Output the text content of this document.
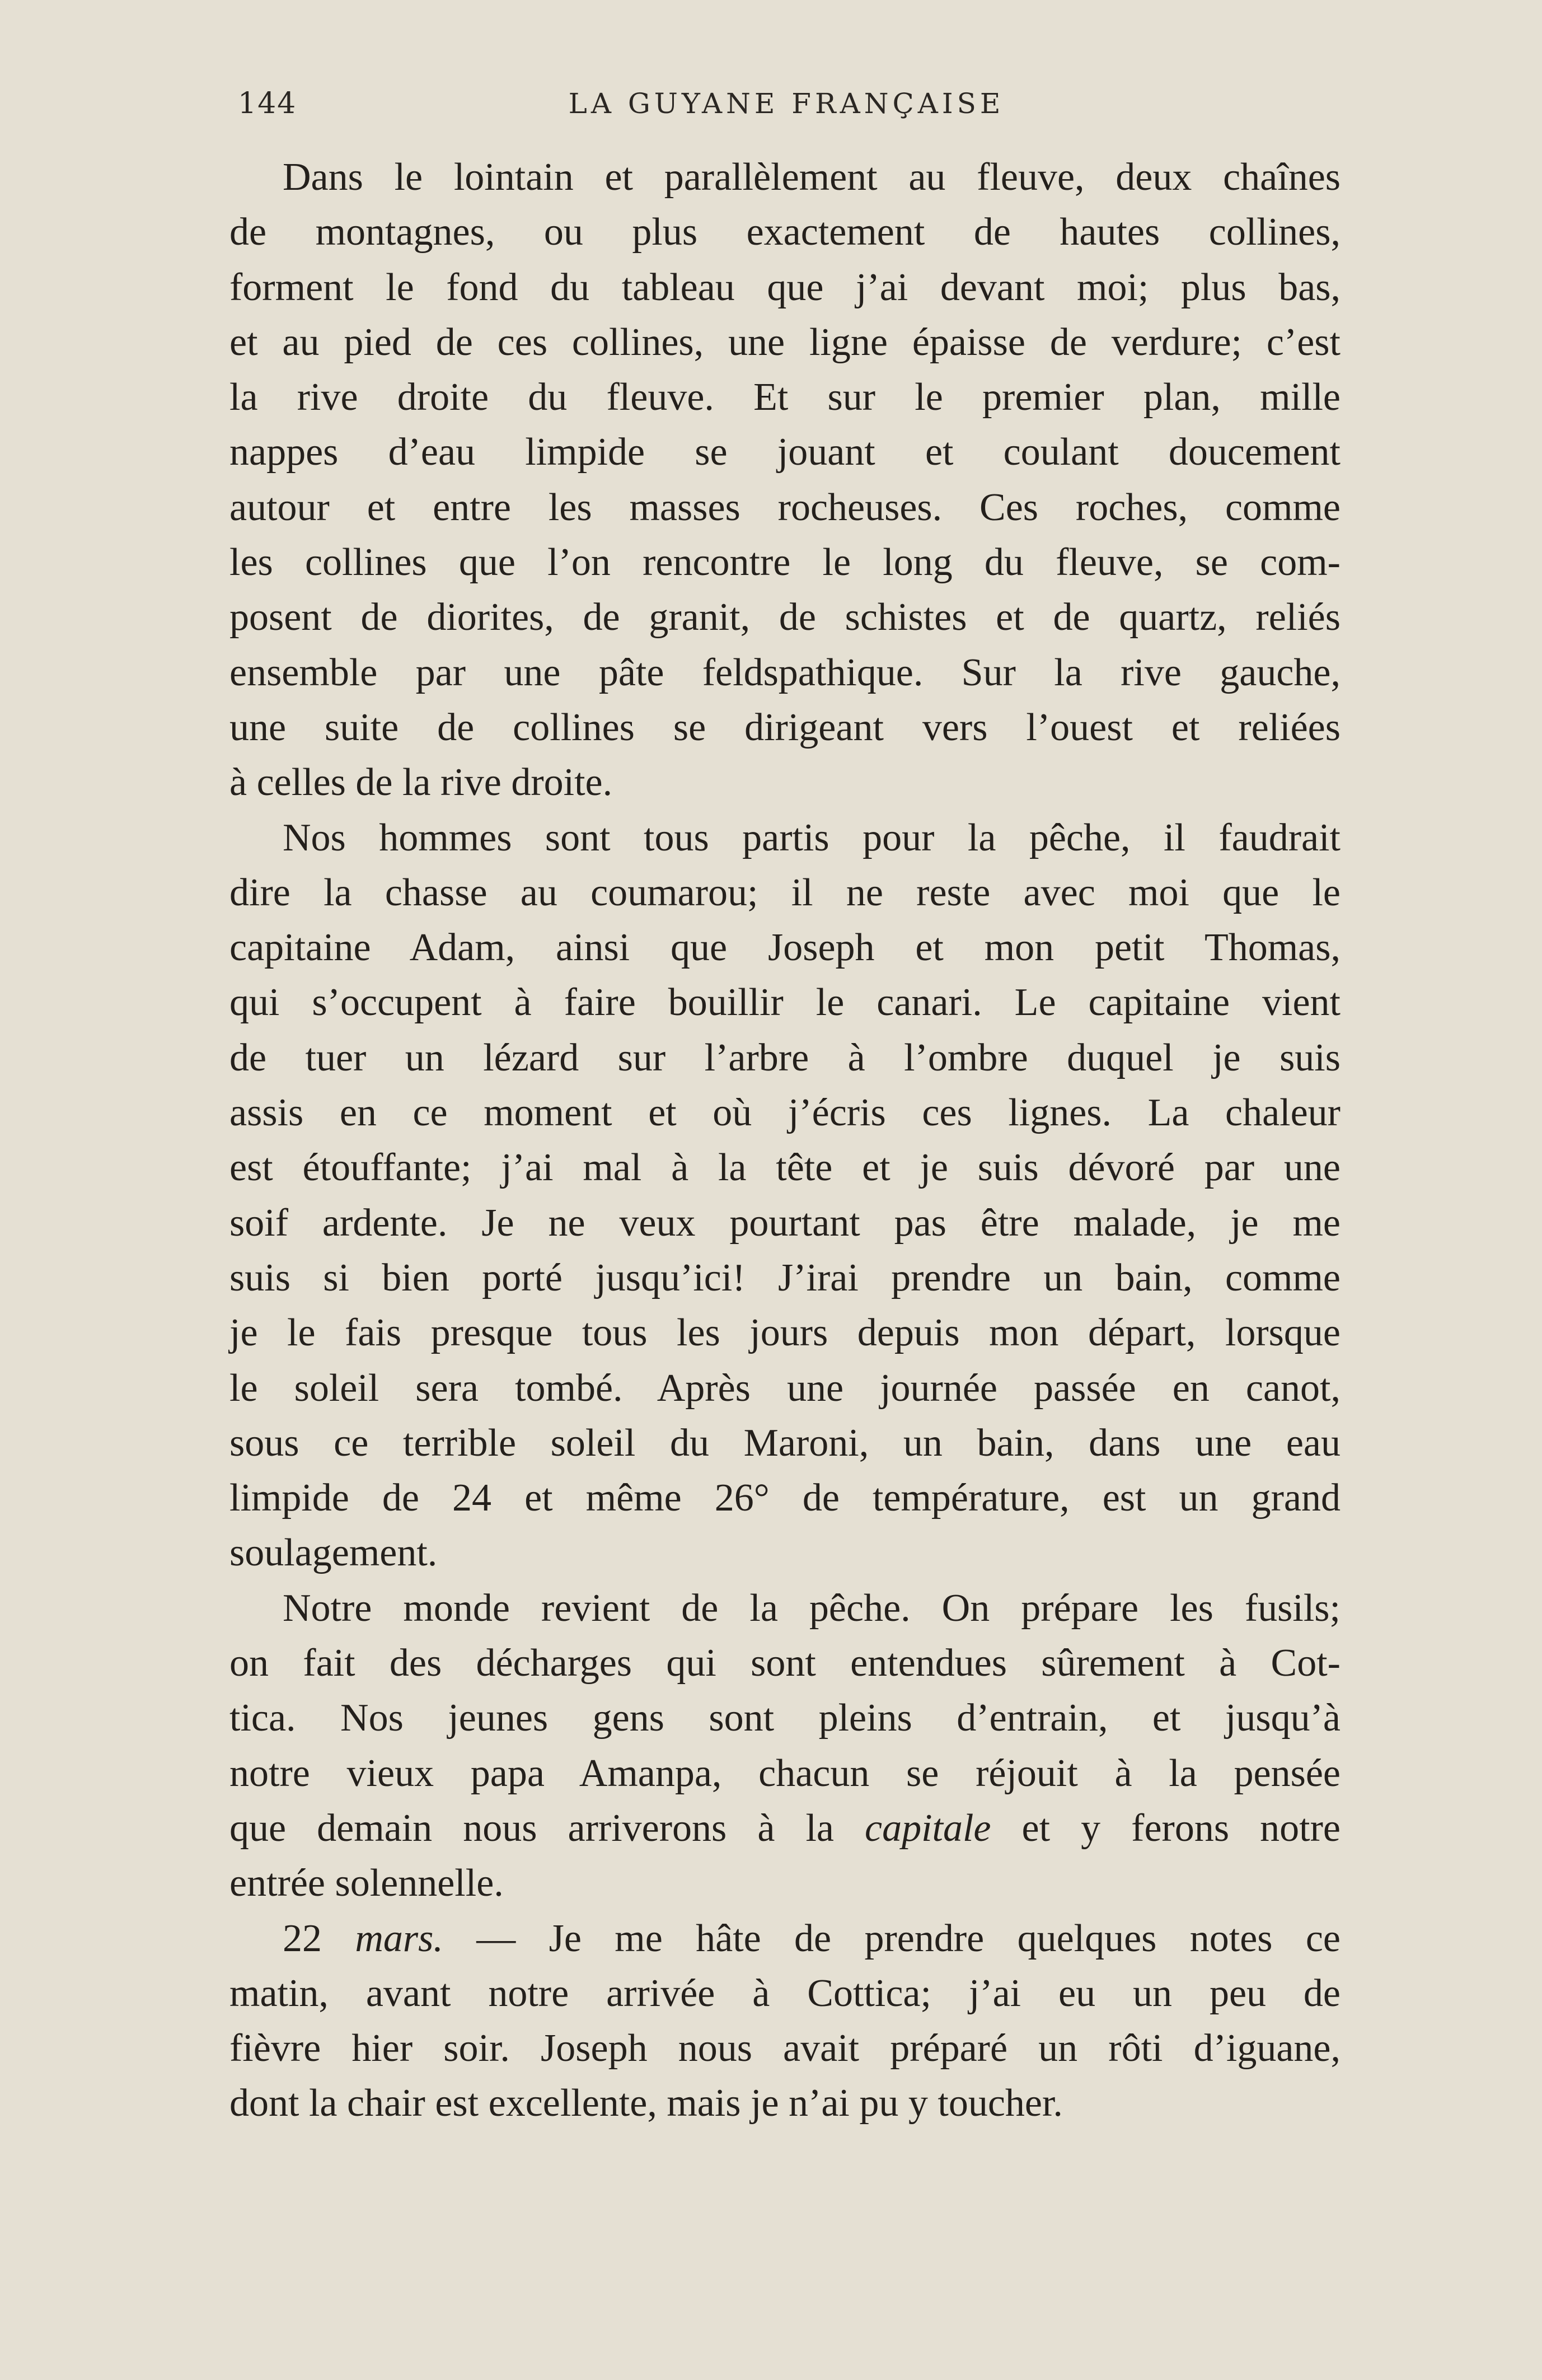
144	LA GUYANE FRANÇAISE
Dans le lointain et parallèlement au fleuve, deux chaînes
de montagnes, ou plus exactement de hautes collines,
forment le fond du tableau que j’ai devant moi; plus bas,
et au pied de ces collines, une ligne épaisse de verdure; c’est
la rive droite du fleuve. Et sur le premier plan, mille
nappes d’eau limpide se jouant et coulant doucement
autour et entre les masses rocheuses. Ces roches, comme
les collines que l’on rencontre le long du fleuve, se com-
posent de diorites, de granit, de schistes et de quartz, reliés
ensemble par une pâte feldspathique. Sur la rive gauche,
une suite de collines se dirigeant vers l’ouest et reliées
à celles de la rive droite.
Nos hommes sont tous partis pour la pêche, il faudrait
dire la chasse au coumarou; il ne reste avec moi que le
capitaine Adam, ainsi que Joseph et mon petit Thomas,
qui s’occupent à faire bouillir le canari. Le capitaine vient
de tuer un lézard sur l’arbre à l’ombre duquel je suis
assis en ce moment et où j’écris ces lignes. La chaleur
est étouffante; j’ai mal à la tête et je suis dévoré par une
soif ardente. Je ne veux pourtant pas être malade, je me
suis si bien porté jusqu’ici! J’irai prendre un bain, comme
je le fais presque tous les jours depuis mon départ, lorsque
le soleil sera tombé. Après une journée passée en canot,
sous ce terrible soleil du Maroni, un bain, dans une eau
limpide de 24 et même 26° de température, est un grand
soulagement.
Notre monde revient de la pêche. On prépare les fusils;
on fait des décharges qui sont entendues sûrement à Cot-
tica. Nos jeunes gens sont pleins d’entrain, et jusqu’à
notre vieux papa Amanpa, chacun se réjouit à la pensée
que demain nous arriverons à la capitale et y ferons notre
entrée solennelle.
22 mars. — Je me hâte de prendre quelques notes ce
matin, avant notre arrivée à Cottica; j’ai eu un peu de
fièvre hier soir. Joseph nous avait préparé un rôti d’iguane,
dont la chair est excellente, mais je n’ai pu y toucher.
